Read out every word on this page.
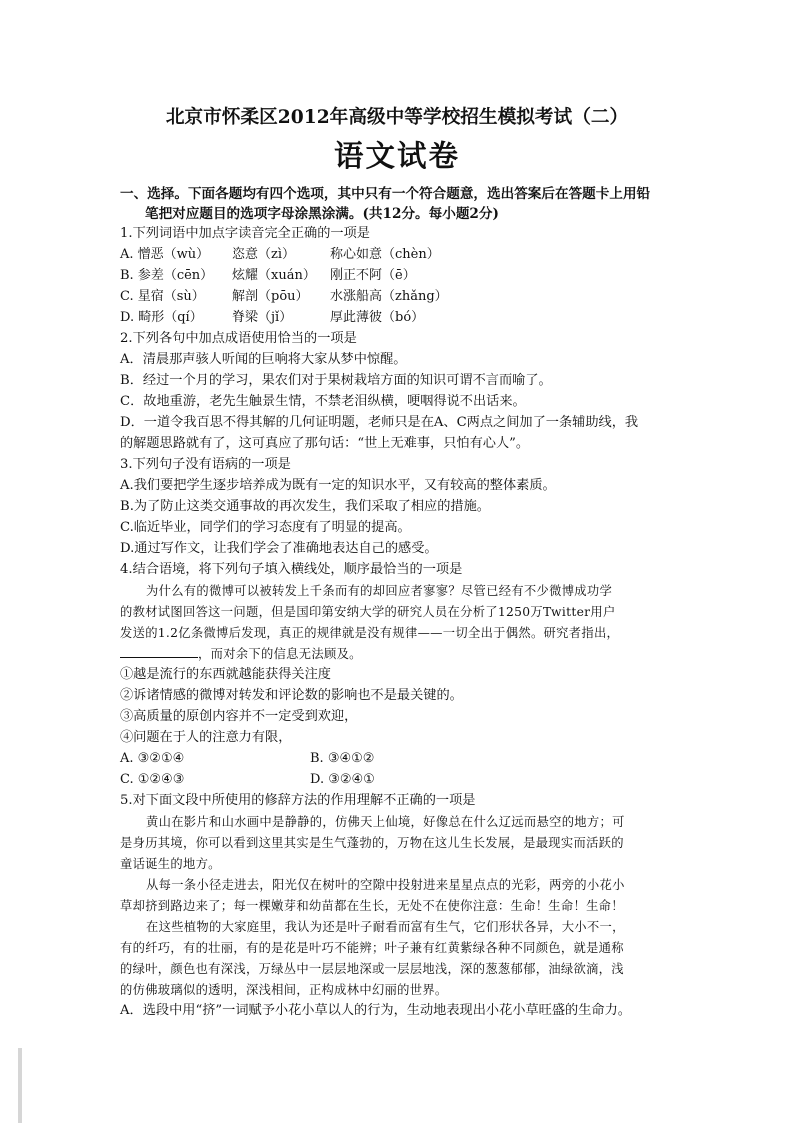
北京市怀柔区2012年高级中等学校招生模拟考试（二）
语文试卷
一、选择。下面各题均有四个选项，其中只有一个符合题意，选出答案后在答题卡上用铅
笔把对应题目的选项字母涂黑涂满。(共12分。每小题2分)
1.下列词语中加点字读音完全正确的一项是
A. 憎恶（wù） 恣意（zì）	称心如意（chèn）
B. 参差（cēn） 炫耀（xuán） 刚正不阿（ē）
C. 星宿（sù） 解剖（pōu） 水涨船高（zhǎng）
D. 畸形（qí） 脊梁（jǐ）	厚此薄彼（bó）
2.下列各句中加点成语使用恰当的一项是
A．清晨那声骇人听闻的巨响将大家从梦中惊醒。
B．经过一个月的学习，果农们对于果树栽培方面的知识可谓不言而喻了。
C．故地重游，老先生触景生情，不禁老泪纵横，哽咽得说不出话来。
D．一道令我百思不得其解的几何证明题，老师只是在A、C两点之间加了一条辅助线，我
的解题思路就有了，这可真应了那句话：“世上无难事，只怕有心人”。
3.下列句子没有语病的一项是
A.我们要把学生逐步培养成为既有一定的知识水平，又有较高的整体素质。
B.为了防止这类交通事故的再次发生，我们采取了相应的措施。
C.临近毕业，同学们的学习态度有了明显的提高。
D.通过写作文，让我们学会了准确地表达自己的感受。
4.结合语境，将下列句子填入横线处，顺序最恰当的一项是
为什么有的微博可以被转发上千条而有的却回应者寥寥？尽管已经有不少微博成功学
的教材试图回答这一问题，但是国印第安纳大学的研究人员在分析了1250万Twitter用户
发送的1.2亿条微博后发现，真正的规律就是没有规律——一切全出于偶然。研究者指出，
，而对余下的信息无法顾及。
①越是流行的东西就越能获得关注度
②诉诸情感的微博对转发和评论数的影响也不是最关键的。
③高质量的原创内容并不一定受到欢迎，
④问题在于人的注意力有限，
A. ③②①④	B. ③④①②
C. ①②④③	D. ③②④①
5.对下面文段中所使用的修辞方法的作用理解不正确的一项是
黄山在影片和山水画中是静静的，仿佛天上仙境，好像总在什么辽远而悬空的地方；可
是身历其境，你可以看到这里其实是生气蓬勃的，万物在这儿生长发展，是最现实而活跃的
童话诞生的地方。
从每一条小径走进去，阳光仅在树叶的空隙中投射进来星星点点的光彩，两旁的小花小
草却挤到路边来了；每一棵嫩芽和幼苗都在生长，无处不在使你注意：生命！生命！生命！
在这些植物的大家庭里，我认为还是叶子耐看而富有生气，它们形状各异，大小不一，
有的纤巧，有的壮丽，有的是花是叶巧不能辨；叶子兼有红黄紫绿各种不同颜色，就是通称
的绿叶，颜色也有深浅，万绿丛中一层层地深或一层层地浅，深的葱葱郁郁，油绿欲滴，浅
的仿佛玻璃似的透明，深浅相间，正构成林中幻丽的世界。
A．选段中用“挤”一词赋予小花小草以人的行为，生动地表现出小花小草旺盛的生命力。
